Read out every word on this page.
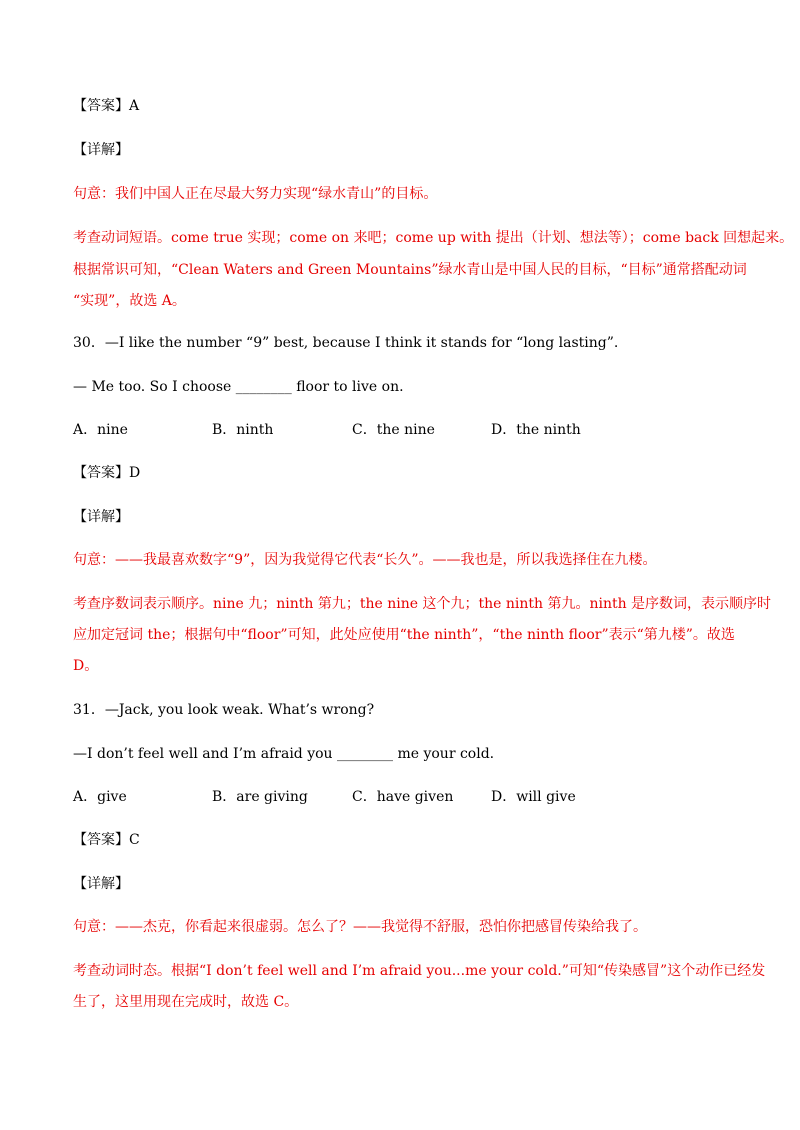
【答案】A

【详解】

句意：我们中国人正在尽最大努力实现“绿水青山”的目标。

考查动词短语。come true 实现；come on 来吧；come up with 提出（计划、想法等）；come back 回想起来。

根据常识可知，“Clean Waters and Green Mountains”绿水青山是中国人民的目标，“目标”通常搭配动词

“实现”，故选 A。

30．—I like the number “9” best, because I think it stands for “long lasting”.

— Me too. So I choose ________ floor to live on.

A．nine	B．ninth	C．the nine	D．the ninth

【答案】D

【详解】

句意：——我最喜欢数字“9”，因为我觉得它代表“长久”。——我也是，所以我选择住在九楼。

考查序数词表示顺序。nine 九；ninth 第九；the nine 这个九；the ninth 第九。ninth 是序数词，表示顺序时

应加定冠词 the；根据句中“floor”可知，此处应使用“the ninth”，“the ninth floor”表示“第九楼”。故选

D。

31．—Jack, you look weak. What’s wrong?

—I don’t feel well and I’m afraid you ________ me your cold.

A．give	B．are giving	C．have given	D．will give

【答案】C

【详解】

句意：——杰克，你看起来很虚弱。怎么了？——我觉得不舒服，恐怕你把感冒传染给我了。

考查动词时态。根据“I don’t feel well and I’m afraid you...me your cold.”可知“传染感冒”这个动作已经发

生了，这里用现在完成时，故选 C。
